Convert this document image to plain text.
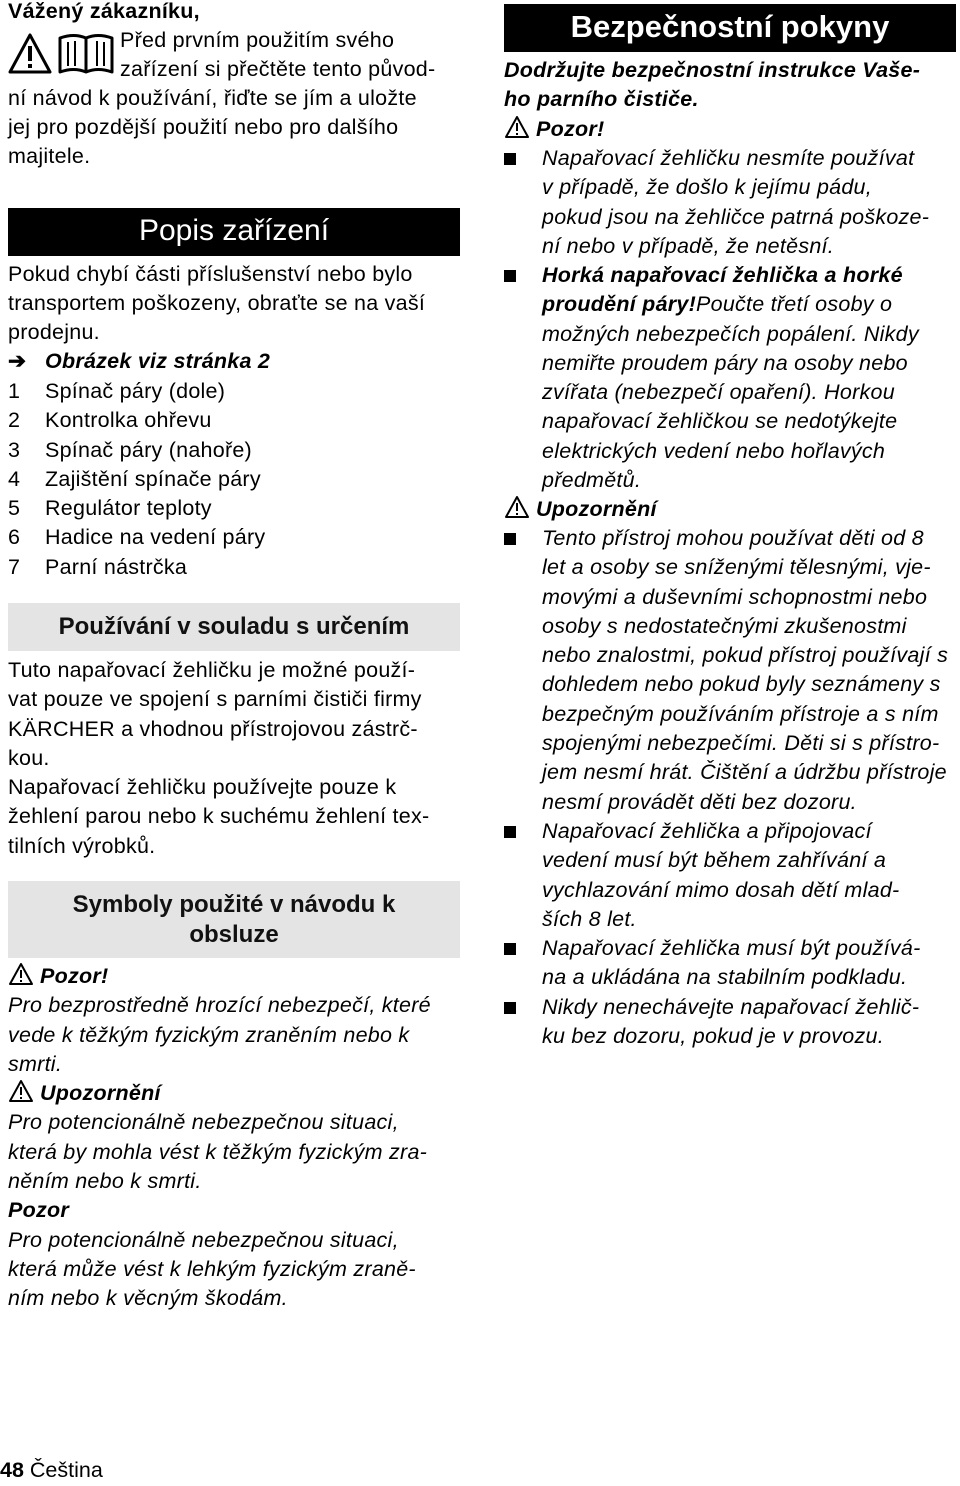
Vážený zákazníku,

Před prvním použitím svého

zařízení si přečtěte tento původ-

ní návod k používání, řiďte se jím a uložte

jej pro pozdější použití nebo pro dalšího

majitele.

Popis zařízení

Pokud chybí části příslušenství nebo bylo

transportem poškozeny, obraťte se na vaší

prodejnu.

➔ Obrázek viz stránka 2

1 Spínač páry (dole)

2 Kontrolka ohřevu

3 Spínač páry (nahoře)

4 Zajištění spínače páry

5 Regulátor teploty

6 Hadice na vedení páry

7 Parní nástrčka

Používání v souladu s určením

Tuto napařovací žehličku je možné použí-

vat pouze ve spojení s parními čističi firmy

KÄRCHER a vhodnou přístrojovou zástrč-

kou.

Napařovací žehličku používejte pouze k

žehlení parou nebo k suchému žehlení tex-

tilních výrobků.

Symboly použité v návodu k
obsluze

Pozor!

Pro bezprostředně hrozící nebezpečí, které

vede k těžkým fyzickým zraněním nebo k

smrti.

Upozornění

Pro potencionálně nebezpečnou situaci,

která by mohla vést k těžkým fyzickým zra-

něním nebo k smrti.

Pozor

Pro potencionálně nebezpečnou situaci,

která může vést k lehkým fyzickým zraně-

ním nebo k věcným škodám.

Bezpečnostní pokyny

Dodržujte bezpečnostní instrukce Vaše-

ho parního čističe.

Pozor!

Napařovací žehličku nesmíte používat

v případě, že došlo k jejímu pádu,

pokud jsou na žehličce patrná poškoze-

ní nebo v případě, že netěsní.

Horká napařovací žehlička a horké

proudění páry!Poučte třetí osoby o

možných nebezpečích popálení. Nikdy

nemiřte proudem páry na osoby nebo

zvířata (nebezpečí opaření). Horkou

napařovací žehličkou se nedotýkejte

elektrických vedení nebo hořlavých

předmětů.

Upozornění

Tento přístroj mohou používat děti od 8

let a osoby se sníženými tělesnými, vje-

movými a duševními schopnostmi nebo

osoby s nedostatečnými zkušenostmi

nebo znalostmi, pokud přístroj používají s

dohledem nebo pokud byly seznámeny s

bezpečným používáním přístroje a s ním

spojenými nebezpečími. Děti si s přístro-

jem nesmí hrát. Čištění a údržbu přístroje

nesmí provádět děti bez dozoru.

Napařovací žehlička a připojovací

vedení musí být během zahřívání a

vychlazování mimo dosah dětí mlad-

ších 8 let.

Napařovací žehlička musí být používá-

na a ukládána na stabilním podkladu.

Nikdy nenechávejte napařovací žehlič-

ku bez dozoru, pokud je v provozu.

48 Čeština
